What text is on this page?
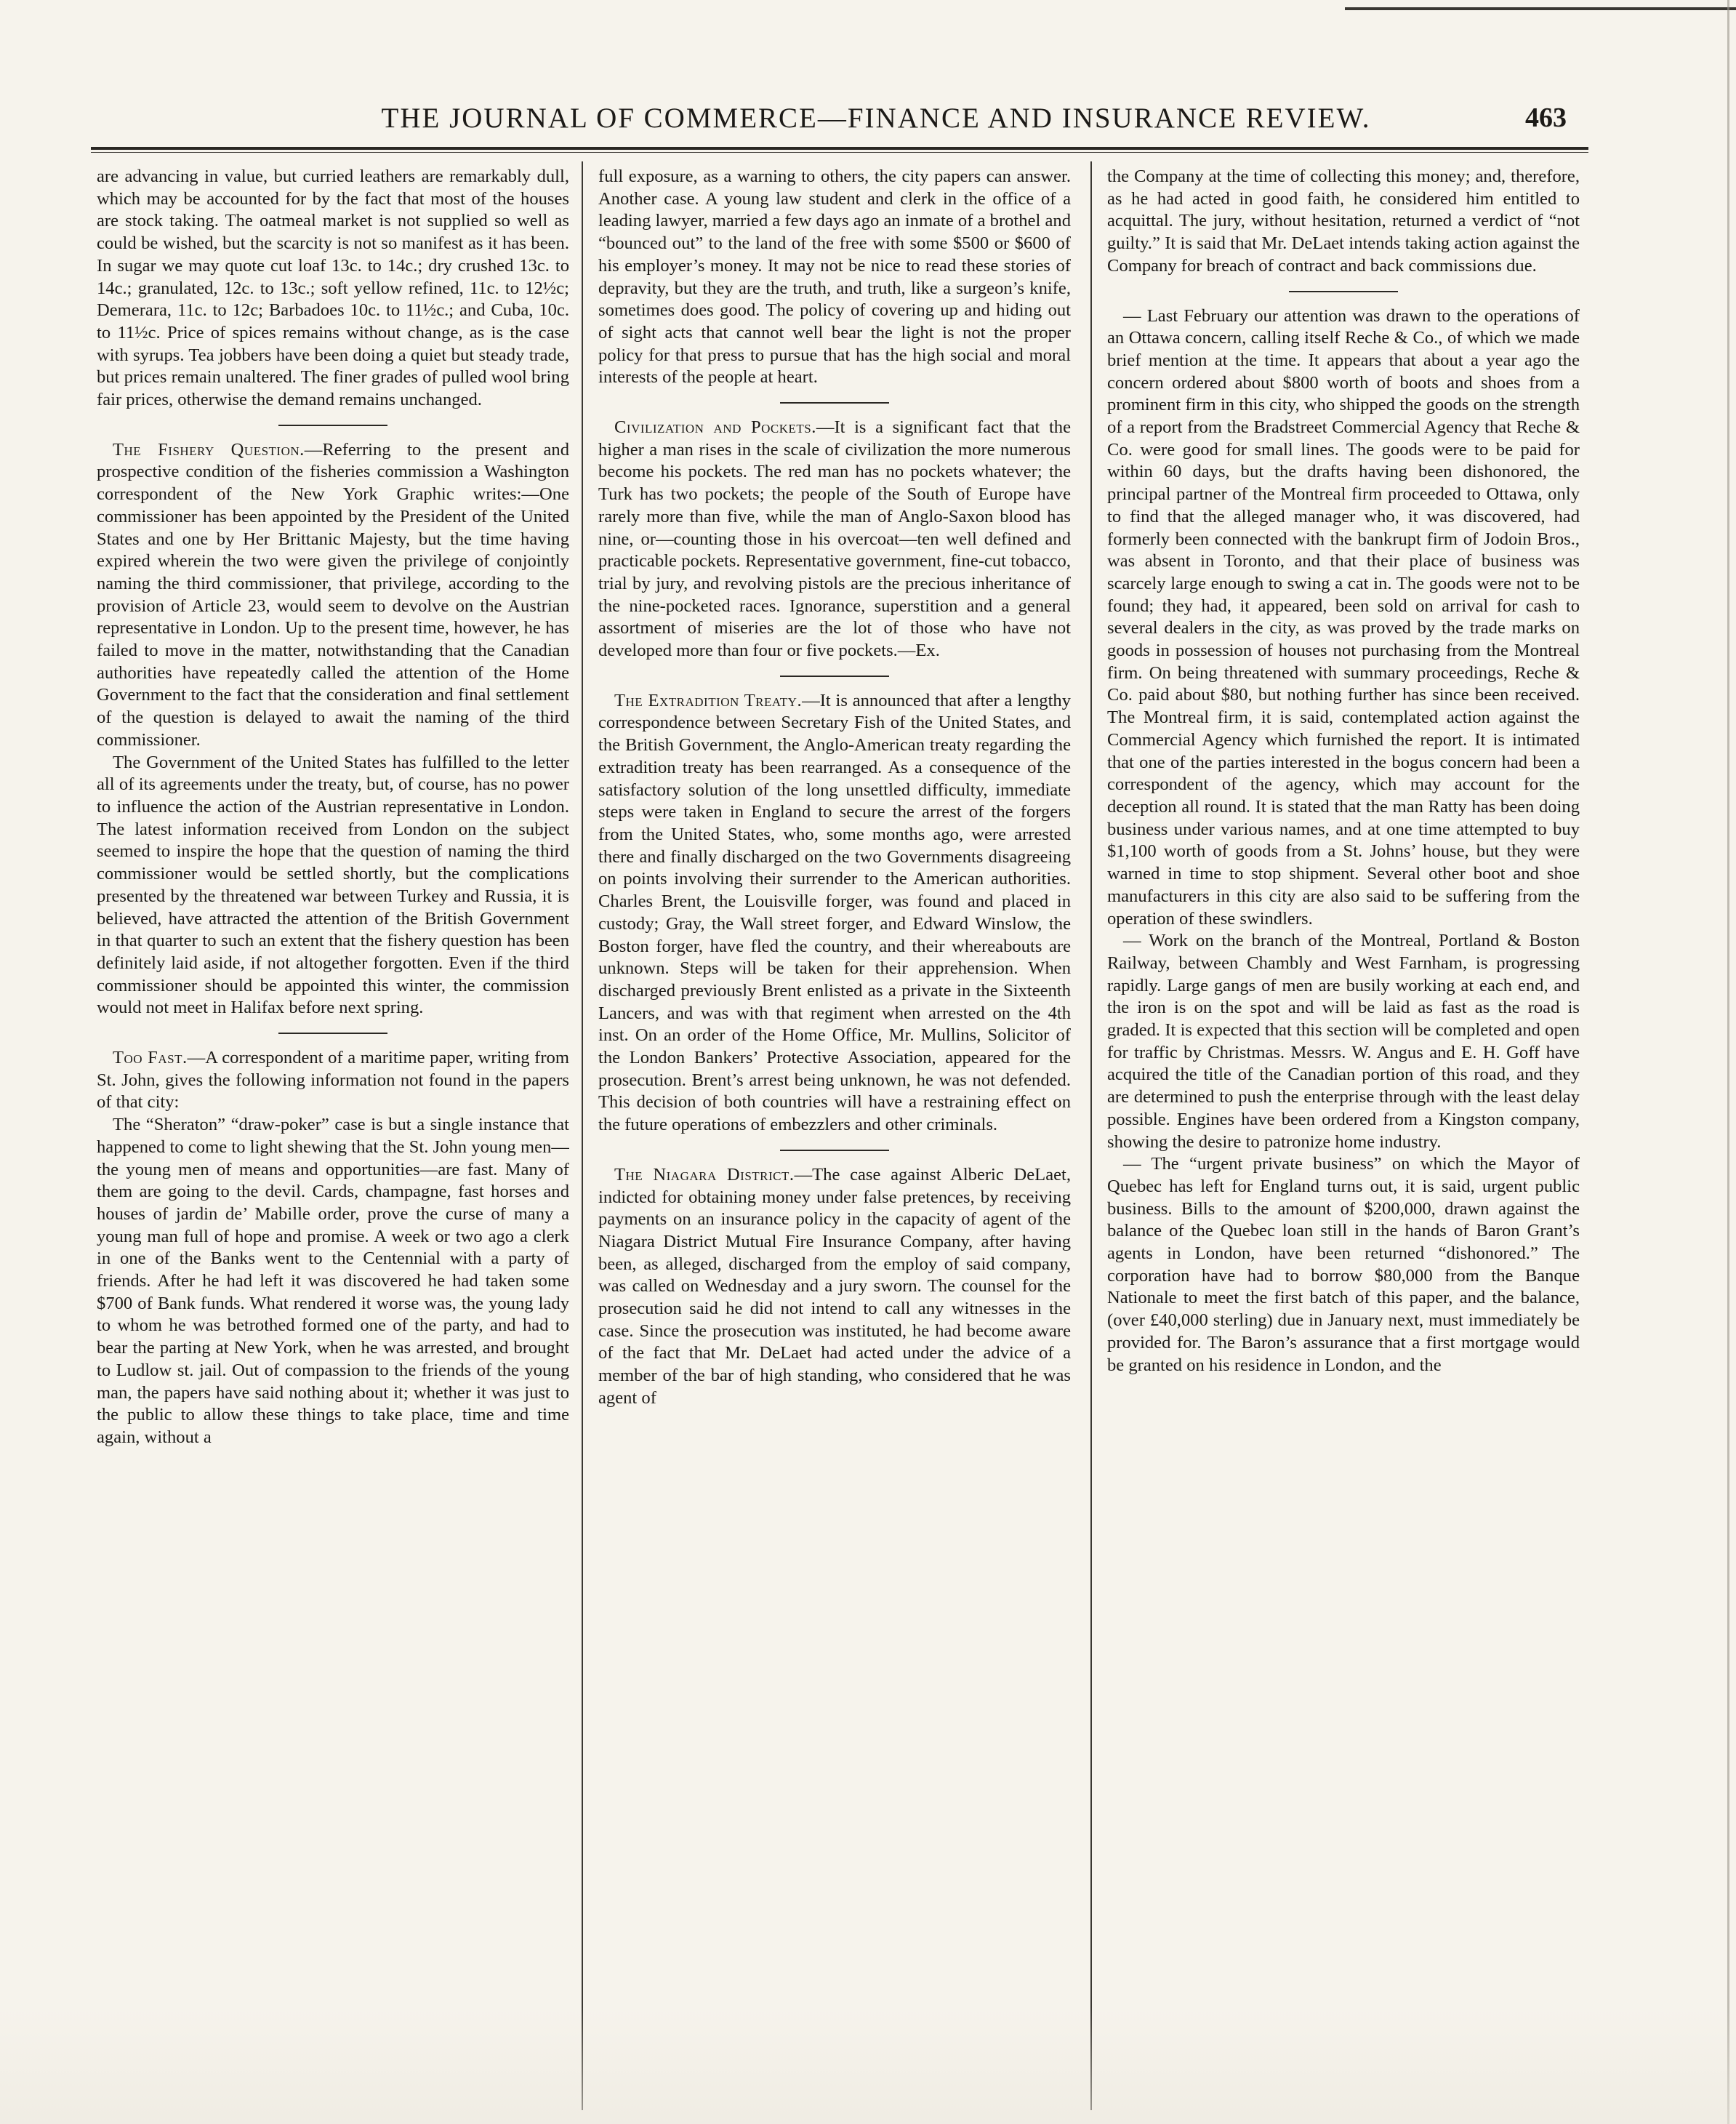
THE JOURNAL OF COMMERCE—FINANCE AND INSURANCE REVIEW.	463

are advancing in value, but curried leathers are remarkably dull, which may be accounted for by the fact that most of the houses are stock taking. The oatmeal market is not supplied so well as could be wished, but the scarcity is not so manifest as it has been. In sugar we may quote cut loaf 13c. to 14c.; dry crushed 13c. to 14c.; granulated, 12c. to 13c.; soft yellow refined, 11c. to 12½c; Demerara, 11c. to 12c; Barbadoes 10c. to 11½c.; and Cuba, 10c. to 11½c. Price of spices remains without change, as is the case with syrups. Tea jobbers have been doing a quiet but steady trade, but prices remain unaltered. The finer grades of pulled wool bring fair prices, otherwise the demand remains unchanged.

The Fishery Question.—Referring to the present and prospective condition of the fisheries commission a Washington correspondent of the New York Graphic writes:—One commissioner has been appointed by the President of the United States and one by Her Brittanic Majesty, but the time having expired wherein the two were given the privilege of conjointly naming the third commissioner, that privilege, according to the provision of Article 23, would seem to devolve on the Austrian representative in London. Up to the present time, however, he has failed to move in the matter, notwithstanding that the Canadian authorities have repeatedly called the attention of the Home Government to the fact that the consideration and final settlement of the question is delayed to await the naming of the third commissioner.

The Government of the United States has fulfilled to the letter all of its agreements under the treaty, but, of course, has no power to influence the action of the Austrian representative in London. The latest information received from London on the subject seemed to inspire the hope that the question of naming the third commissioner would be settled shortly, but the complications presented by the threatened war between Turkey and Russia, it is believed, have attracted the attention of the British Government in that quarter to such an extent that the fishery question has been definitely laid aside, if not altogether forgotten. Even if the third commissioner should be appointed this winter, the commission would not meet in Halifax before next spring.

Too Fast.—A correspondent of a maritime paper, writing from St. John, gives the following information not found in the papers of that city:

The “Sheraton” “draw-poker” case is but a single instance that happened to come to light shewing that the St. John young men—the young men of means and opportunities—are fast. Many of them are going to the devil. Cards, champagne, fast horses and houses of jardin de’ Mabille order, prove the curse of many a young man full of hope and promise. A week or two ago a clerk in one of the Banks went to the Centennial with a party of friends. After he had left it was discovered he had taken some $700 of Bank funds. What rendered it worse was, the young lady to whom he was betrothed formed one of the party, and had to bear the parting at New York, when he was arrested, and brought to Ludlow st. jail. Out of compassion to the friends of the young man, the papers have said nothing about it; whether it was just to the public to allow these things to take place, time and time again, without a

full exposure, as a warning to others, the city papers can answer. Another case. A young law student and clerk in the office of a leading lawyer, married a few days ago an inmate of a brothel and “bounced out” to the land of the free with some $500 or $600 of his employer’s money. It may not be nice to read these stories of depravity, but they are the truth, and truth, like a surgeon’s knife, sometimes does good. The policy of covering up and hiding out of sight acts that cannot well bear the light is not the proper policy for that press to pursue that has the high social and moral interests of the people at heart.

Civilization and Pockets.—It is a significant fact that the higher a man rises in the scale of civilization the more numerous become his pockets. The red man has no pockets whatever; the Turk has two pockets; the people of the South of Europe have rarely more than five, while the man of Anglo-Saxon blood has nine, or—counting those in his overcoat—ten well defined and practicable pockets. Representative government, fine-cut tobacco, trial by jury, and revolving pistols are the precious inheritance of the nine-pocketed races. Ignorance, superstition and a general assortment of miseries are the lot of those who have not developed more than four or five pockets.—Ex.

The Extradition Treaty.—It is announced that after a lengthy correspondence between Secretary Fish of the United States, and the British Government, the Anglo-American treaty regarding the extradition treaty has been rearranged. As a consequence of the satisfactory solution of the long unsettled difficulty, immediate steps were taken in England to secure the arrest of the forgers from the United States, who, some months ago, were arrested there and finally discharged on the two Governments disagreeing on points involving their surrender to the American authorities. Charles Brent, the Louisville forger, was found and placed in custody; Gray, the Wall street forger, and Edward Winslow, the Boston forger, have fled the country, and their whereabouts are unknown. Steps will be taken for their apprehension. When discharged previously Brent enlisted as a private in the Sixteenth Lancers, and was with that regiment when arrested on the 4th inst. On an order of the Home Office, Mr. Mullins, Solicitor of the London Bankers’ Protective Association, appeared for the prosecution. Brent’s arrest being unknown, he was not defended. This decision of both countries will have a restraining effect on the future operations of embezzlers and other criminals.

The Niagara District.—The case against Alberic DeLaet, indicted for obtaining money under false pretences, by receiving payments on an insurance policy in the capacity of agent of the Niagara District Mutual Fire Insurance Company, after having been, as alleged, discharged from the employ of said company, was called on Wednesday and a jury sworn. The counsel for the prosecution said he did not intend to call any witnesses in the case. Since the prosecution was instituted, he had become aware of the fact that Mr. DeLaet had acted under the advice of a member of the bar of high standing, who considered that he was agent of

the Company at the time of collecting this money; and, therefore, as he had acted in good faith, he considered him entitled to acquittal. The jury, without hesitation, returned a verdict of “not guilty.” It is said that Mr. DeLaet intends taking action against the Company for breach of contract and back commissions due.

— Last February our attention was drawn to the operations of an Ottawa concern, calling itself Reche & Co., of which we made brief mention at the time. It appears that about a year ago the concern ordered about $800 worth of boots and shoes from a prominent firm in this city, who shipped the goods on the strength of a report from the Bradstreet Commercial Agency that Reche & Co. were good for small lines. The goods were to be paid for within 60 days, but the drafts having been dishonored, the principal partner of the Montreal firm proceeded to Ottawa, only to find that the alleged manager who, it was discovered, had formerly been connected with the bankrupt firm of Jodoin Bros., was absent in Toronto, and that their place of business was scarcely large enough to swing a cat in. The goods were not to be found; they had, it appeared, been sold on arrival for cash to several dealers in the city, as was proved by the trade marks on goods in possession of houses not purchasing from the Montreal firm. On being threatened with summary proceedings, Reche & Co. paid about $80, but nothing further has since been received. The Montreal firm, it is said, contemplated action against the Commercial Agency which furnished the report. It is intimated that one of the parties interested in the bogus concern had been a correspondent of the agency, which may account for the deception all round. It is stated that the man Ratty has been doing business under various names, and at one time attempted to buy $1,100 worth of goods from a St. Johns’ house, but they were warned in time to stop shipment. Several other boot and shoe manufacturers in this city are also said to be suffering from the operation of these swindlers.

— Work on the branch of the Montreal, Portland & Boston Railway, between Chambly and West Farnham, is progressing rapidly. Large gangs of men are busily working at each end, and the iron is on the spot and will be laid as fast as the road is graded. It is expected that this section will be completed and open for traffic by Christmas. Messrs. W. Angus and E. H. Goff have acquired the title of the Canadian portion of this road, and they are determined to push the enterprise through with the least delay possible. Engines have been ordered from a Kingston company, showing the desire to patronize home industry.

— The “urgent private business” on which the Mayor of Quebec has left for England turns out, it is said, urgent public business. Bills to the amount of $200,000, drawn against the balance of the Quebec loan still in the hands of Baron Grant’s agents in London, have been returned “dishonored.” The corporation have had to borrow $80,000 from the Banque Nationale to meet the first batch of this paper, and the balance, (over £40,000 sterling) due in January next, must immediately be provided for. The Baron’s assurance that a first mortgage would be granted on his residence in London, and the
